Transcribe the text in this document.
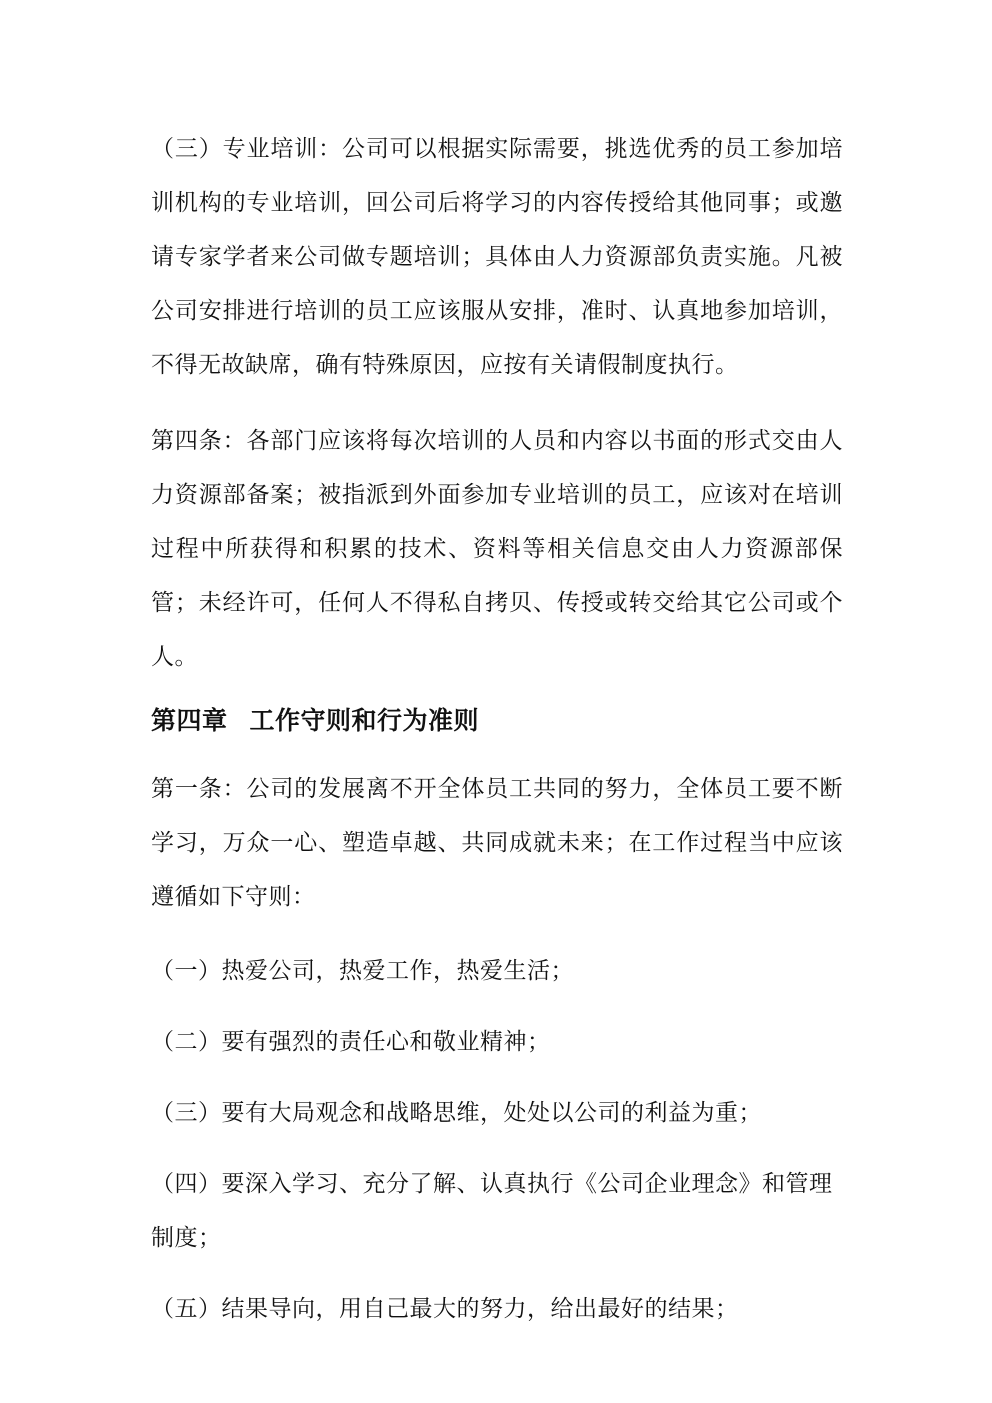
（三）专业培训：公司可以根据实际需要，挑选优秀的员工参加培训机构的专业培训，回公司后将学习的内容传授给其他同事；或邀请专家学者来公司做专题培训；具体由人力资源部负责实施。凡被公司安排进行培训的员工应该服从安排，准时、认真地参加培训，不得无故缺席，确有特殊原因，应按有关请假制度执行。

第四条：各部门应该将每次培训的人员和内容以书面的形式交由人力资源部备案；被指派到外面参加专业培训的员工，应该对在培训过程中所获得和积累的技术、资料等相关信息交由人力资源部保管；未经许可，任何人不得私自拷贝、传授或转交给其它公司或个人。

第四章 工作守则和行为准则

第一条：公司的发展离不开全体员工共同的努力，全体员工要不断学习，万众一心、塑造卓越、共同成就未来；在工作过程当中应该遵循如下守则：

（一）热爱公司，热爱工作，热爱生活；

（二）要有强烈的责任心和敬业精神；

（三）要有大局观念和战略思维，处处以公司的利益为重；

（四）要深入学习、充分了解、认真执行《公司企业理念》和管理制度；

（五）结果导向，用自己最大的努力，给出最好的结果；
